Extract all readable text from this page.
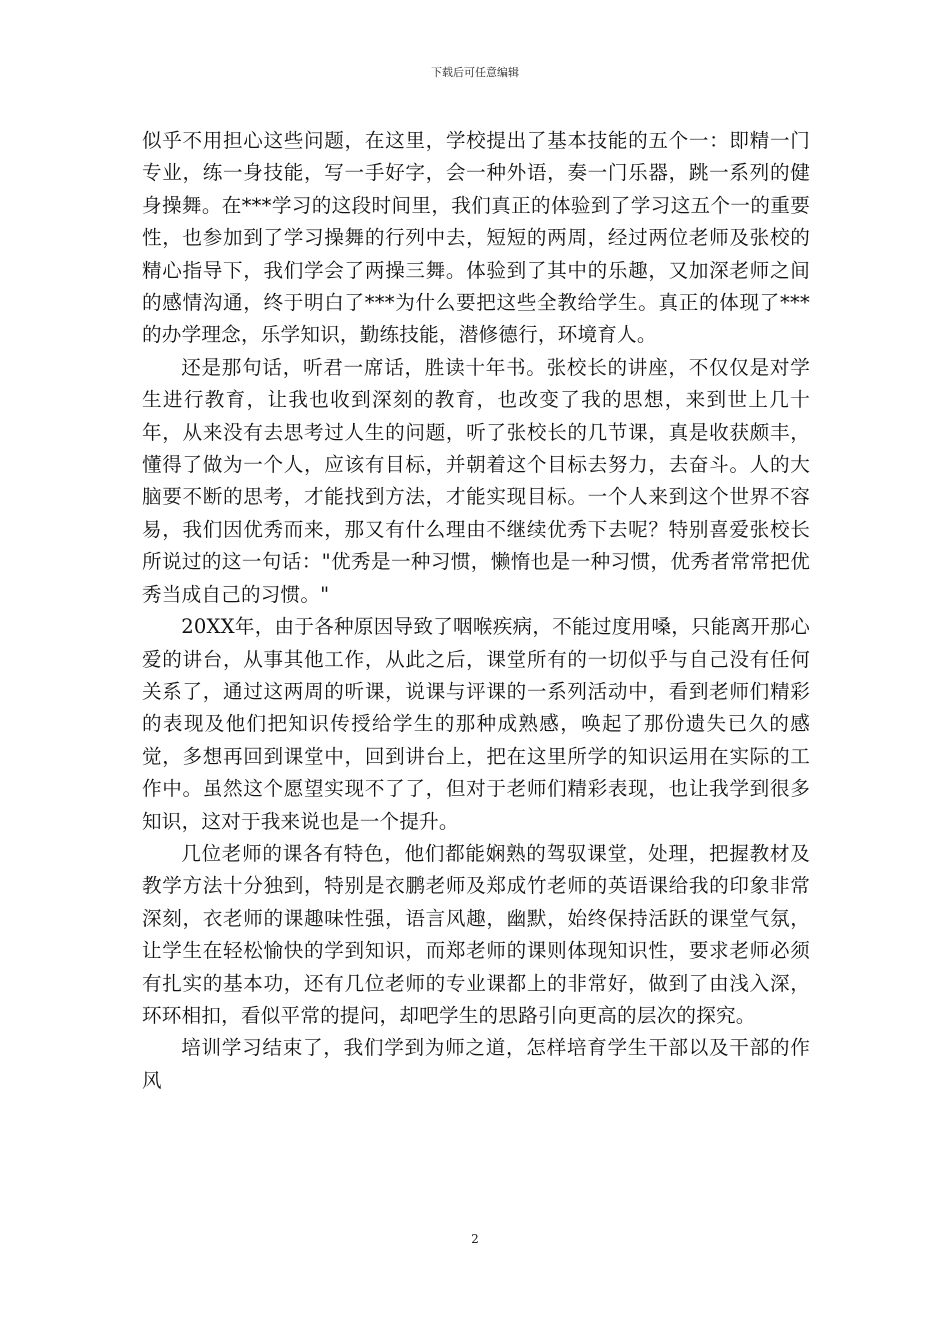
下载后可任意编辑

似乎不用担心这些问题，在这里，学校提出了基本技能的五个一：即精一门专业，练一身技能，写一手好字，会一种外语，奏一门乐器，跳一系列的健身操舞。在***学习的这段时间里，我们真正的体验到了学习这五个一的重要性，也参加到了学习操舞的行列中去，短短的两周，经过两位老师及张校的精心指导下，我们学会了两操三舞。体验到了其中的乐趣，又加深老师之间的感情沟通，终于明白了***为什么要把这些全教给学生。真正的体现了***的办学理念，乐学知识，勤练技能，潜修德行，环境育人。

还是那句话，听君一席话，胜读十年书。张校长的讲座，不仅仅是对学生进行教育，让我也收到深刻的教育，也改变了我的思想，来到世上几十年，从来没有去思考过人生的问题，听了张校长的几节课，真是收获颇丰，懂得了做为一个人，应该有目标，并朝着这个目标去努力，去奋斗。人的大脑要不断的思考，才能找到方法，才能实现目标。一个人来到这个世界不容易，我们因优秀而来，那又有什么理由不继续优秀下去呢？特别喜爱张校长所说过的这一句话："优秀是一种习惯，懒惰也是一种习惯，优秀者常常把优秀当成自己的习惯。"

20XX年，由于各种原因导致了咽喉疾病，不能过度用嗓，只能离开那心爱的讲台，从事其他工作，从此之后，课堂所有的一切似乎与自己没有任何关系了，通过这两周的听课，说课与评课的一系列活动中，看到老师们精彩的表现及他们把知识传授给学生的那种成熟感，唤起了那份遗失已久的感觉，多想再回到课堂中，回到讲台上，把在这里所学的知识运用在实际的工作中。虽然这个愿望实现不了了，但对于老师们精彩表现，也让我学到很多知识，这对于我来说也是一个提升。

几位老师的课各有特色，他们都能娴熟的驾驭课堂，处理，把握教材及教学方法十分独到，特别是衣鹏老师及郑成竹老师的英语课给我的印象非常深刻，衣老师的课趣味性强，语言风趣，幽默，始终保持活跃的课堂气氛，让学生在轻松愉快的学到知识，而郑老师的课则体现知识性，要求老师必须有扎实的基本功，还有几位老师的专业课都上的非常好，做到了由浅入深，环环相扣，看似平常的提问，却吧学生的思路引向更高的层次的探究。

培训学习结束了，我们学到为师之道，怎样培育学生干部以及干部的作风

2
